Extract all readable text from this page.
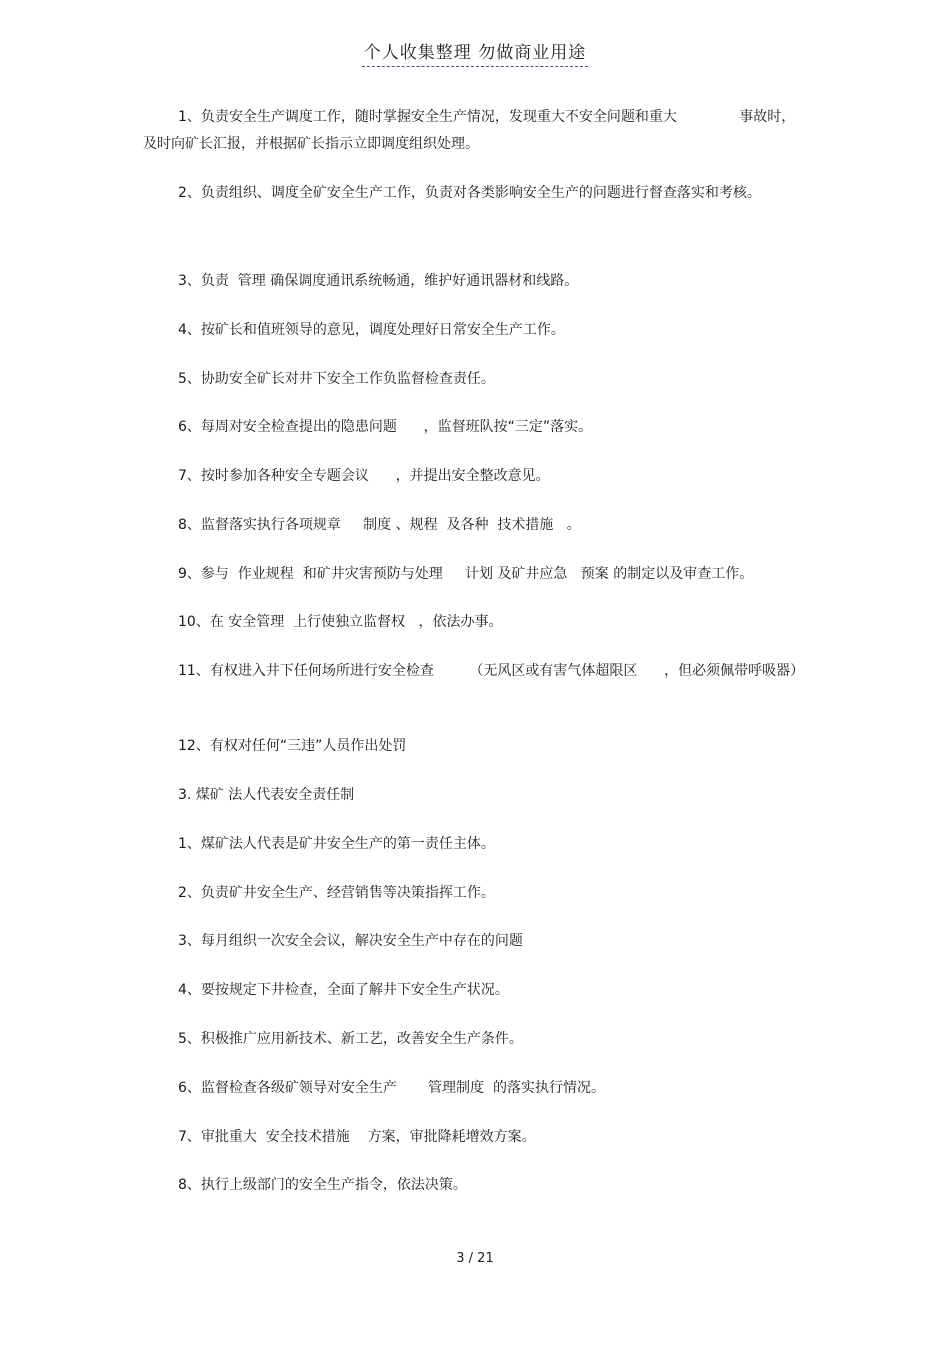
个人收集整理 勿做商业用途

1、负责安全生产调度工作，随时掌握安全生产情况，发现重大不安全问题和重大              事故时，及时向矿长汇报，并根据矿长指示立即调度组织处理。

2、负责组织、调度全矿安全生产工作，负责对各类影响安全生产的问题进行督查落实和考核。

3、负责  管理 确保调度通讯系统畅通，维护好通讯器材和线路。

4、按矿长和值班领导的意见，调度处理好日常安全生产工作。

5、协助安全矿长对井下安全工作负监督检查责任。

6、每周对安全检查提出的隐患问题      ，监督班队按“三定”落实。

7、按时参加各种安全专题会议      ，并提出安全整改意见。

8、监督落实执行各项规章     制度 、规程  及各种  技术措施   。

9、参与  作业规程  和矿井灾害预防与处理     计划 及矿井应急   预案 的制定以及审查工作。

10、在 安全管理  上行使独立监督权   ，依法办事。

11、有权进入井下任何场所进行安全检查        （无风区或有害气体超限区      ，但必须佩带呼吸器）

12、有权对任何“三违”人员作出处罚

3. 煤矿 法人代表安全责任制

1、煤矿法人代表是矿井安全生产的第一责任主体。

2、负责矿井安全生产、经营销售等决策指挥工作。

3、每月组织一次安全会议，解决安全生产中存在的问题

4、要按规定下井检查，全面了解井下安全生产状况。

5、积极推广应用新技术、新工艺，改善安全生产条件。

6、监督检查各级矿领导对安全生产       管理制度  的落实执行情况。

7、审批重大  安全技术措施    方案，审批降耗增效方案。

8、执行上级部门的安全生产指令，依法决策。

3 / 21
